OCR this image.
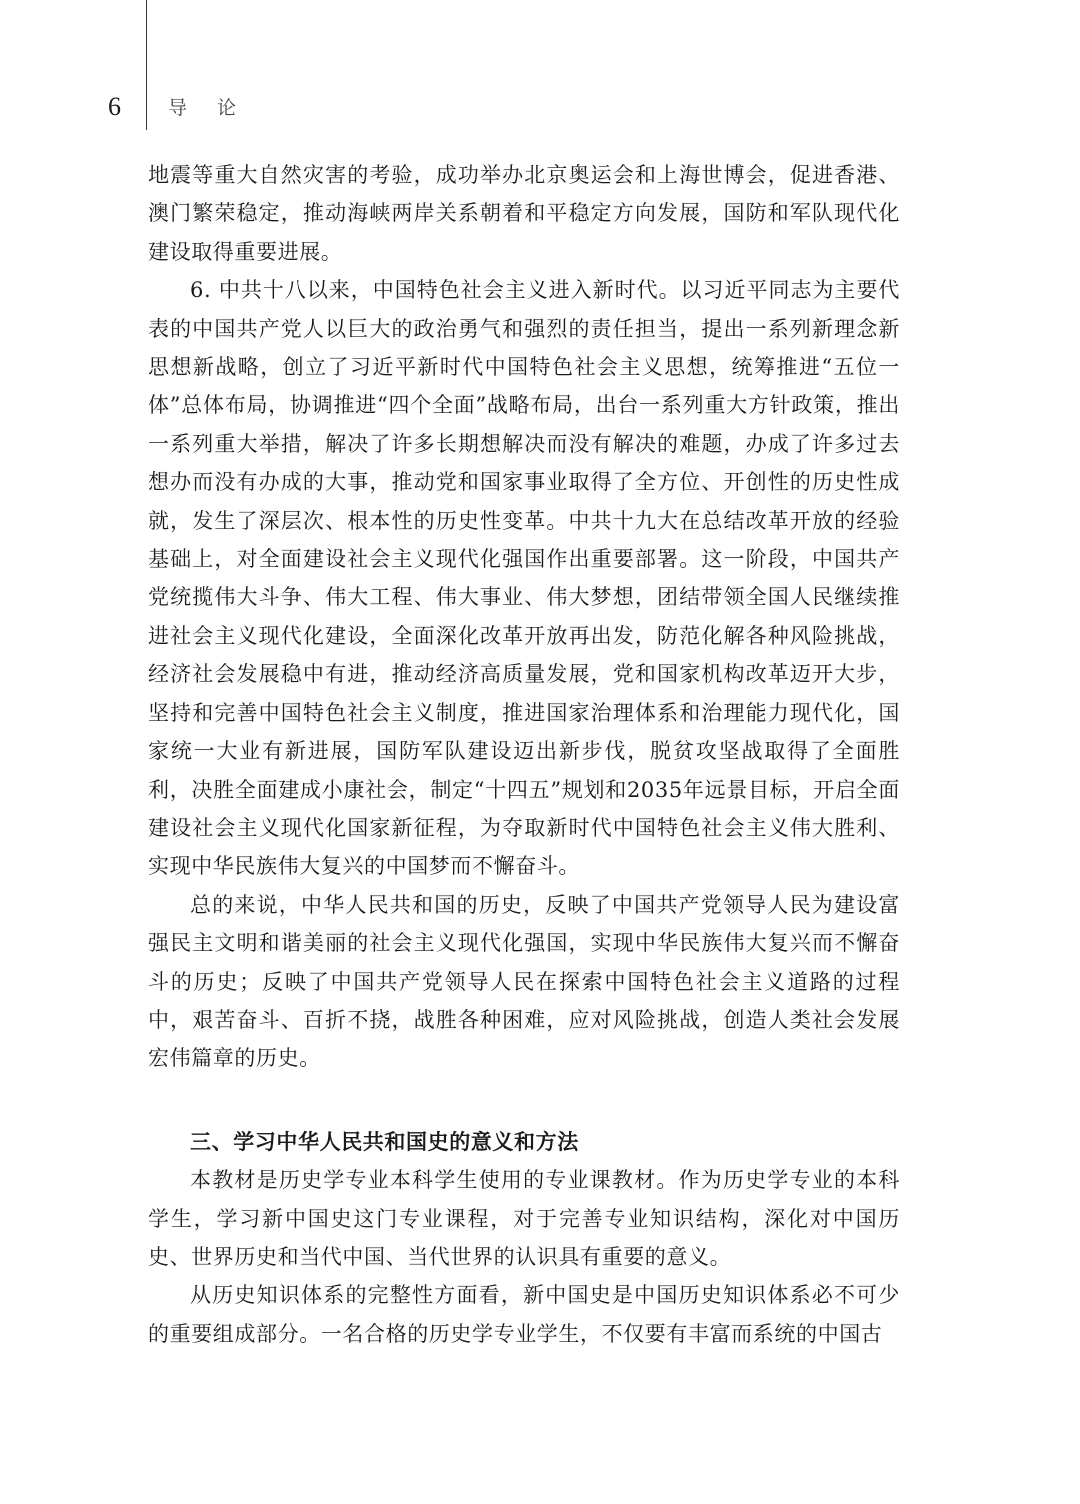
6 导论

地震等重大自然灾害的考验，成功举办北京奥运会和上海世博会，促进香港、澳门繁荣稳定，推动海峡两岸关系朝着和平稳定方向发展，国防和军队现代化建设取得重要进展。

6. 中共十八以来，中国特色社会主义进入新时代。以习近平同志为主要代表的中国共产党人以巨大的政治勇气和强烈的责任担当，提出一系列新理念新思想新战略，创立了习近平新时代中国特色社会主义思想，统筹推进“五位一体”总体布局，协调推进“四个全面”战略布局，出台一系列重大方针政策，推出一系列重大举措，解决了许多长期想解决而没有解决的难题，办成了许多过去想办而没有办成的大事，推动党和国家事业取得了全方位、开创性的历史性成就，发生了深层次、根本性的历史性变革。中共十九大在总结改革开放的经验基础上，对全面建设社会主义现代化强国作出重要部署。这一阶段，中国共产党统揽伟大斗争、伟大工程、伟大事业、伟大梦想，团结带领全国人民继续推进社会主义现代化建设，全面深化改革开放再出发，防范化解各种风险挑战，经济社会发展稳中有进，推动经济高质量发展，党和国家机构改革迈开大步，坚持和完善中国特色社会主义制度，推进国家治理体系和治理能力现代化，国家统一大业有新进展，国防军队建设迈出新步伐，脱贫攻坚战取得了全面胜利，决胜全面建成小康社会，制定“十四五”规划和2035年远景目标，开启全面建设社会主义现代化国家新征程，为夺取新时代中国特色社会主义伟大胜利、实现中华民族伟大复兴的中国梦而不懈奋斗。

总的来说，中华人民共和国的历史，反映了中国共产党领导人民为建设富强民主文明和谐美丽的社会主义现代化强国，实现中华民族伟大复兴而不懈奋斗的历史；反映了中国共产党领导人民在探索中国特色社会主义道路的过程中，艰苦奋斗、百折不挠，战胜各种困难，应对风险挑战，创造人类社会发展宏伟篇章的历史。

三、学习中华人民共和国史的意义和方法

本教材是历史学专业本科学生使用的专业课教材。作为历史学专业的本科学生，学习新中国史这门专业课程，对于完善专业知识结构，深化对中国历史、世界历史和当代中国、当代世界的认识具有重要的意义。

从历史知识体系的完整性方面看，新中国史是中国历史知识体系必不可少的重要组成部分。一名合格的历史学专业学生，不仅要有丰富而系统的中国古
